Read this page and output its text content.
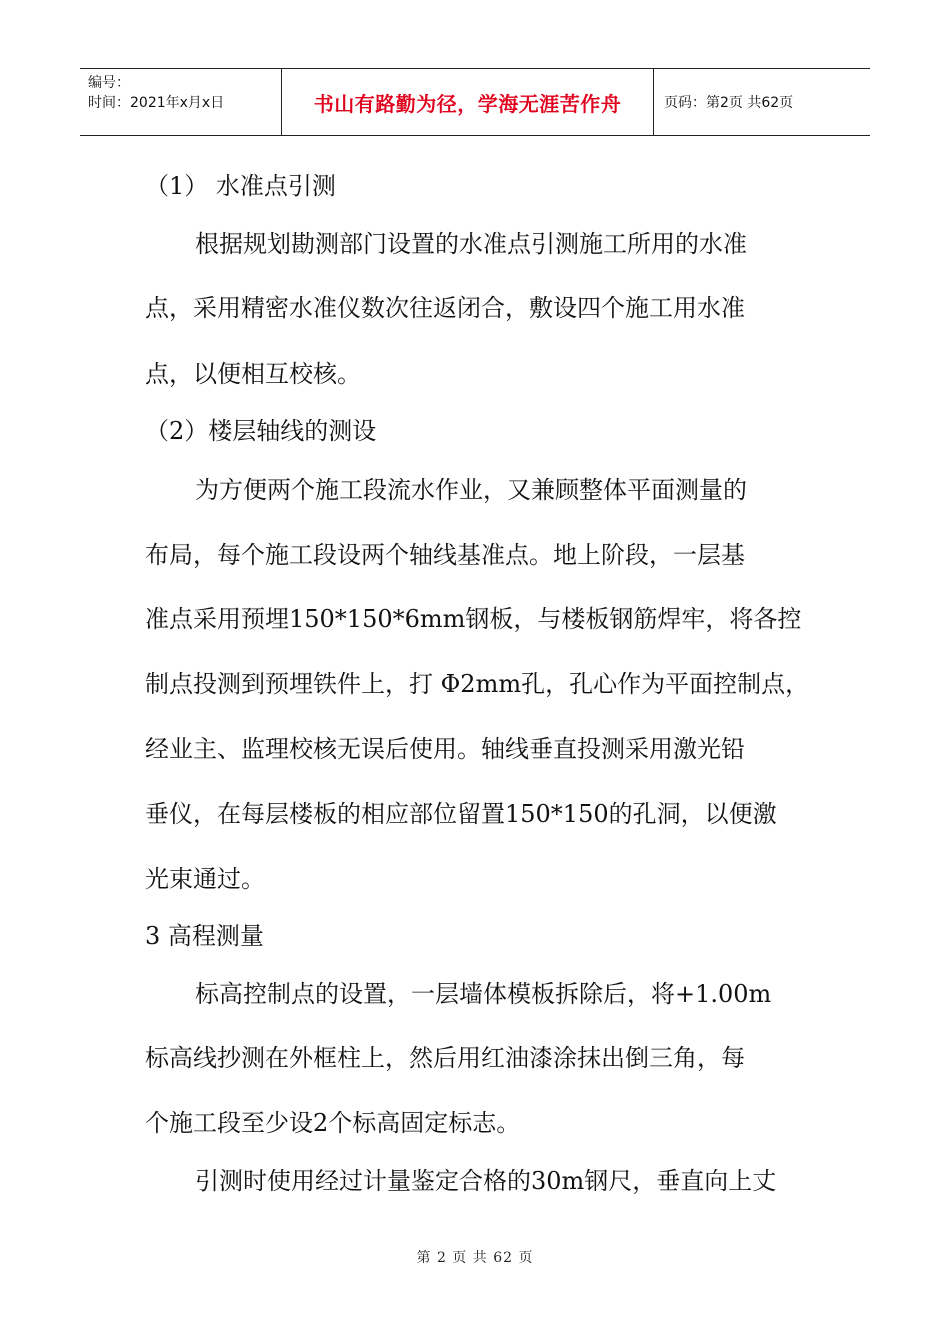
编号：
时间：2021年x月x日	书山有路勤为径，学海无涯苦作舟	页码：第2页 共62页
（1） 水准点引测
根据规划勘测部门设置的水准点引测施工所用的水准
点，采用精密水准仪数次往返闭合，敷设四个施工用水准
点，以便相互校核。
（2）楼层轴线的测设
为方便两个施工段流水作业，又兼顾整体平面测量的
布局，每个施工段设两个轴线基准点。地上阶段，一层基
准点采用预埋150*150*6mm钢板，与楼板钢筋焊牢，将各控
制点投测到预埋铁件上，打 Φ2mm孔，孔心作为平面控制点，
经业主、监理校核无误后使用。轴线垂直投测采用激光铅
垂仪，在每层楼板的相应部位留置150*150的孔洞，以便激
光束通过。
3 高程测量
标高控制点的设置，一层墙体模板拆除后，将+1.00m
标高线抄测在外框柱上，然后用红油漆涂抹出倒三角，每
个施工段至少设2个标高固定标志。
引测时使用经过计量鉴定合格的30m钢尺，垂直向上丈
第 2 页 共 62 页
